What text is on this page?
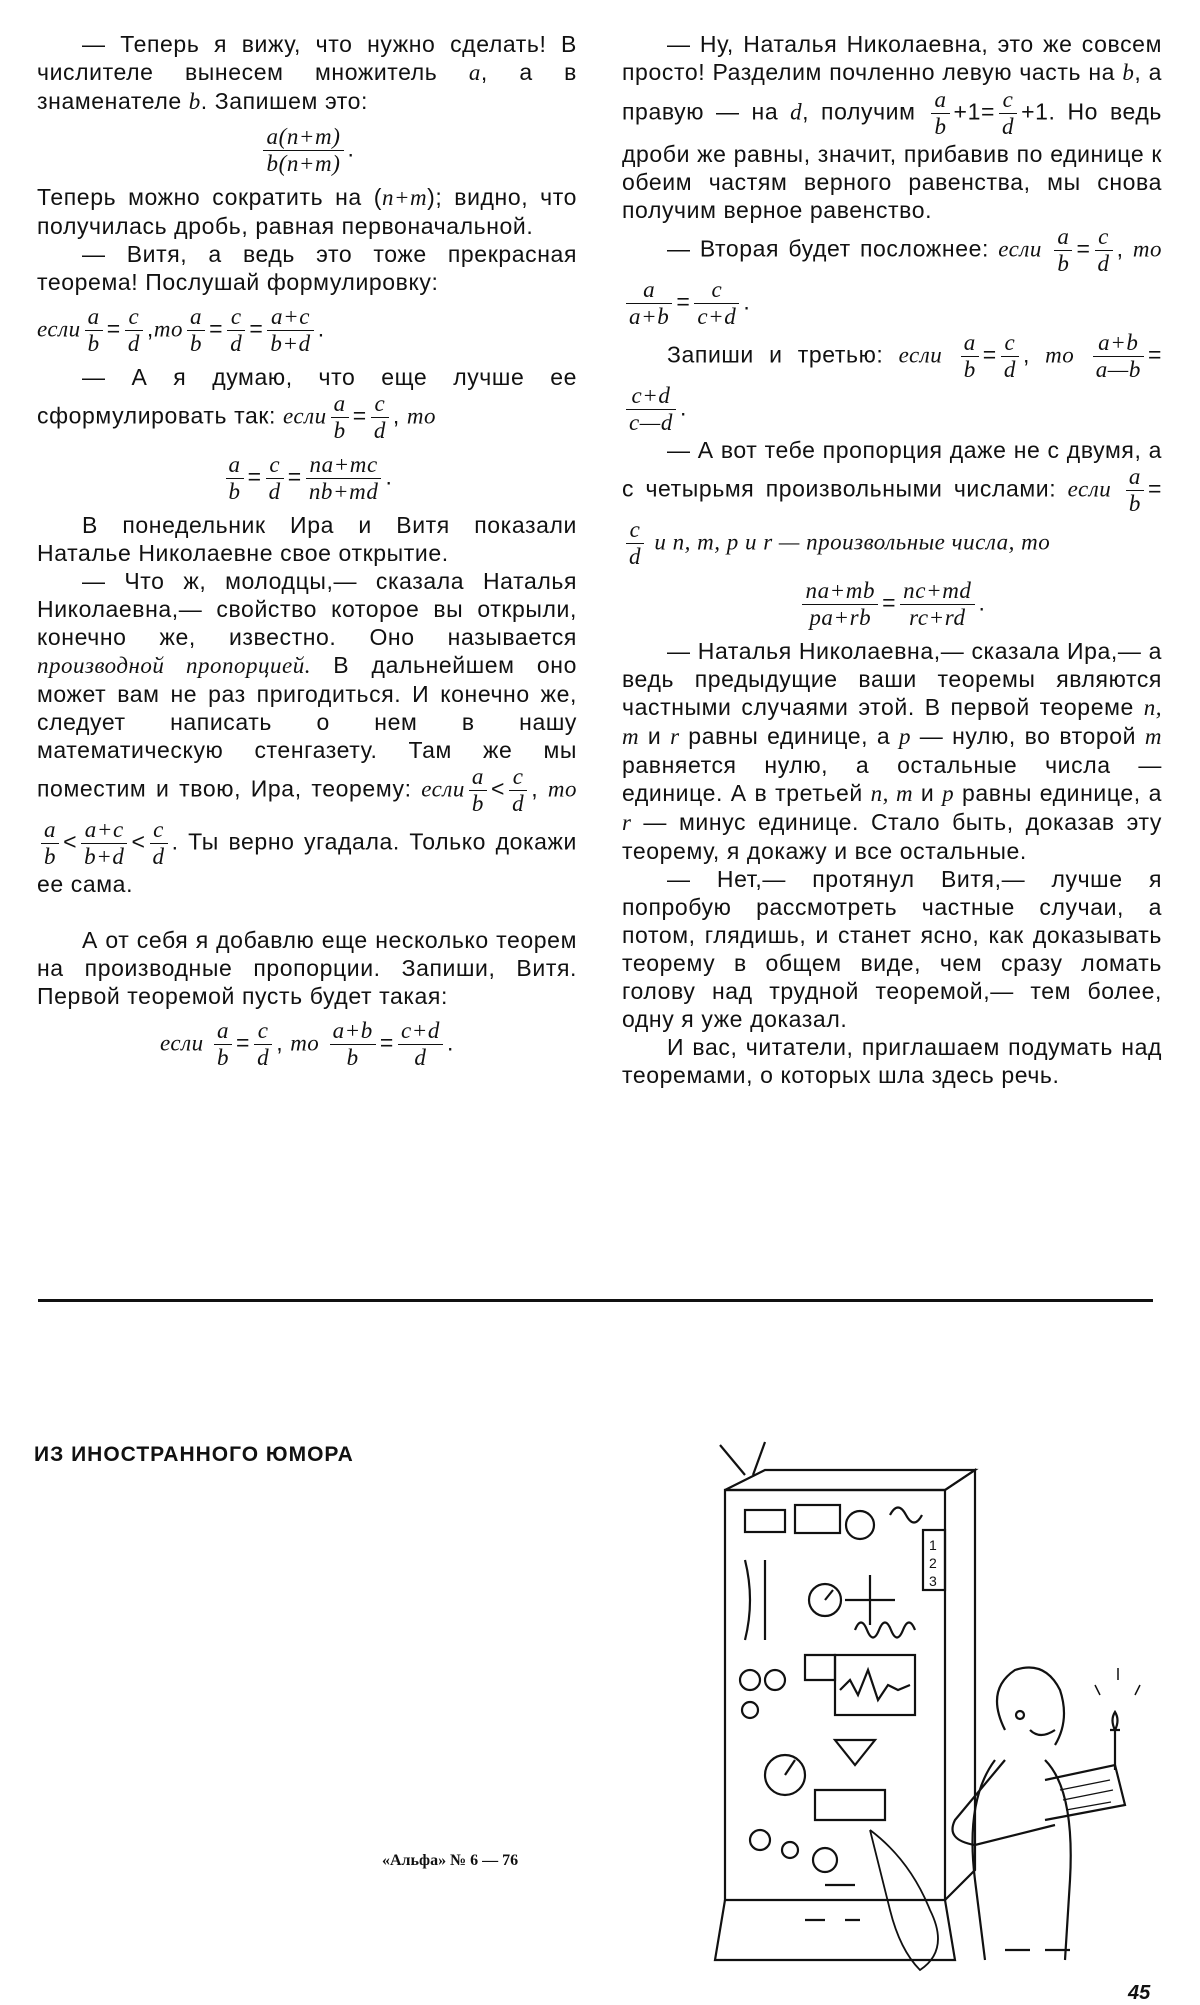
— Теперь я вижу, что нужно сделать! В числителе вынесем множитель a, а в знаменателе b. Запишем это:

$\frac{a(n+m)}{b(n+m)}$ .

Теперь можно сократить на (n+m); видно, что получилась дробь, равная первоначальной.

— Витя, а ведь это тоже прекрасная теорема! Послушай формулировку:

если $\frac{a}{b} = \frac{c}{d} ,то \frac{a}{b} = \frac{c}{d} = \frac{a+c}{b+d}$ .

— А я думаю, что еще лучше ее сформулировать так: если $\frac{a}{b} = \frac{c}{d}$ , то

$\frac{a}{b} = \frac{c}{d} = \frac{na+mc}{nb+md}$ .

В понедельник Ира и Витя показали Наталье Николаевне свое открытие.

— Что ж, молодцы,— сказала Наталья Николаевна,— свойство которое вы открыли, конечно же, известно. Оно называется производной пропорцией. В дальнейшем оно может вам не раз пригодиться. И конечно же, следует написать о нем в нашу математическую стенгазету. Там же мы поместим и твою, Ира, теорему: если $\frac{a}{b} < \frac{c}{d}$ , то
$\frac{a}{b} < \frac{a+c}{b+d} < \frac{c}{d}$ . Ты верно угадала. Только докажи ее сама.

А от себя я добавлю еще несколько теорем на производные пропорции. Запиши, Витя. Первой теоремой пусть будет такая:

если $\frac{a}{b} = \frac{c}{d}$ , то $\frac{a+b}{b} = \frac{c+d}{d}$ .

— Ну, Наталья Николаевна, это же совсем просто! Разделим почленно левую часть на b, а правую — на d, получим $\frac{a}{b} +1= \frac{c}{d} +1$. Но ведь дроби же равны, значит, прибавив по единице к обеим частям верного равенства, мы снова получим верное равенство.

— Вторая будет посложнее: если $\frac{a}{b} = \frac{c}{d}$ , то
$\frac{a}{a+b} = \frac{c}{c+d}$ .

Запиши и третью: если $\frac{a}{b} = \frac{c}{d}$ , то $\frac{a+b}{a—b}$ =
$\frac{c+d}{c—d}$ .

— А вот тебе пропорция даже не с двумя, а с четырьмя произвольными числами: если $\frac{a}{b}$ =
$\frac{c}{d}$ и n, m, p и r — произвольные числа, то

$\frac{na+mb}{pa+rb} = \frac{nc+md}{rc+rd}$ .

— Наталья Николаевна,— сказала Ира,— а ведь предыдущие ваши теоремы являются частными случаями этой. В первой теореме n, m и r равны единице, а p — нулю, во второй m равняется нулю, а остальные числа — единице. А в третьей n, m и p равны единице, а r — минус единице. Стало быть, доказав эту теорему, я докажу и все остальные.

— Нет,— протянул Витя,— лучше я попробую рассмотреть частные случаи, а потом, глядишь, и станет ясно, как доказывать теорему в общем виде, чем сразу ломать голову над трудной теоремой,— тем более, одну я уже доказал.

И вас, читатели, приглашаем подумать над теоремами, о которых шла здесь речь.

ИЗ ИНОСТРАННОГО ЮМОРА
«Альфа» № 6 — 76
45
1
2
3
